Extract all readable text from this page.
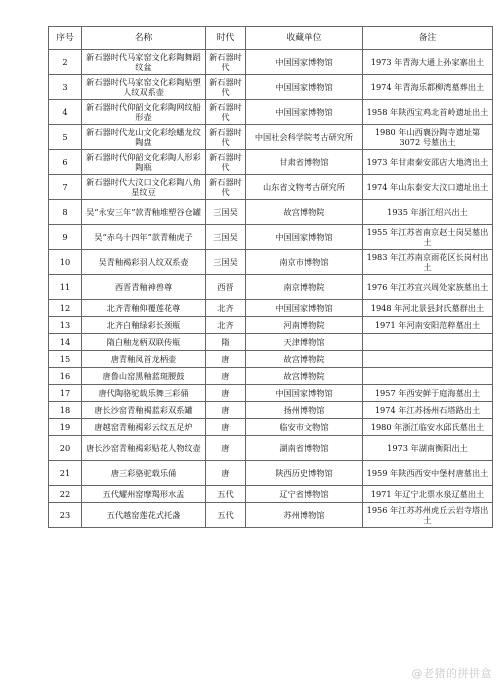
序号	名称	时代	收藏单位	备注
2	新石器时代马家窑文化彩陶舞蹈纹盆	新石器时代	中国国家博物馆	1973 年青海大通上孙家寨出土
3	新石器时代马家窑文化彩陶贴塑人纹双系壶	新石器时代	中国国家博物馆	1974 年青海乐都柳湾墓葬出土
4	新石器时代仰韶文化彩陶网纹船形壶	新石器时代	中国国家博物馆	1958 年陕西宝鸡北首岭遗址出土
5	新石器时代龙山文化彩绘蟠龙纹陶盘	新石器时代	中国社会科学院考古研究所	1980 年山西襄汾陶寺遗址第 3072 号墓出土
6	新石器时代仰韶文化彩陶人形彩陶瓶	新石器时代	甘肃省博物馆	1973 年甘肃秦安邵店大地湾出土
7	新石器时代大汶口文化彩陶八角星纹豆	新石器时代	山东省文物考古研究所	1974 年山东泰安大汶口遗址出土
8	吴“永安三年”款青釉堆塑谷仓罐	三国吴	故宫博物院	1935 年浙江绍兴出土
9	吴“赤乌十四年”款青釉虎子	三国吴	中国国家博物馆	1955 年江苏省南京赵士岗吴墓出土
10	吴青釉褐彩羽人纹双系壶	三国吴	南京市博物馆	1983 年江苏南京雨花区长岗村出土
11	西晋青釉神兽尊	西晋	南京博物院	1976 年江苏宜兴周处家族墓出土
12	北齐青釉仰覆莲花尊	北齐	中国国家博物馆	1948 年河北景县封氏墓群出土
13	北齐白釉绿彩长颈瓶	北齐	河南博物院	1971 年河南安阳范粹墓出土
14	隋白釉龙柄双联传瓶	隋	天津博物馆	
15	唐青釉凤首龙柄壶	唐	故宫博物院	
16	唐鲁山窑黑釉蓝斑腰鼓	唐	故宫博物院	
17	唐代陶骆驼载乐舞三彩俑	唐	中国国家博物馆	1957 年西安鲜于庭海墓出土
18	唐长沙窑青釉褐蓝彩双系罐	唐	扬州博物馆	1974 年江苏扬州石塔路出土
19	唐越窑青釉褐彩云纹五足炉	唐	临安市文物馆	1980 年浙江临安水邱氏墓出土
20	唐长沙窑青釉褐彩贴花人物纹壶	唐	湖南省博物馆	1973 年湖南衡阳出土
21	唐三彩骆驼载乐俑	唐	陕西历史博物馆	1959 年陕西西安中堡村唐墓出土
22	五代耀州窑摩羯形水盂	五代	辽宁省博物馆	1971 年辽宁北票水泉辽墓出土
23	五代越窑莲花式托盏	五代	苏州博物馆	1956 年江苏苏州虎丘云岩寺塔出土
@老猪的拼拼盒
